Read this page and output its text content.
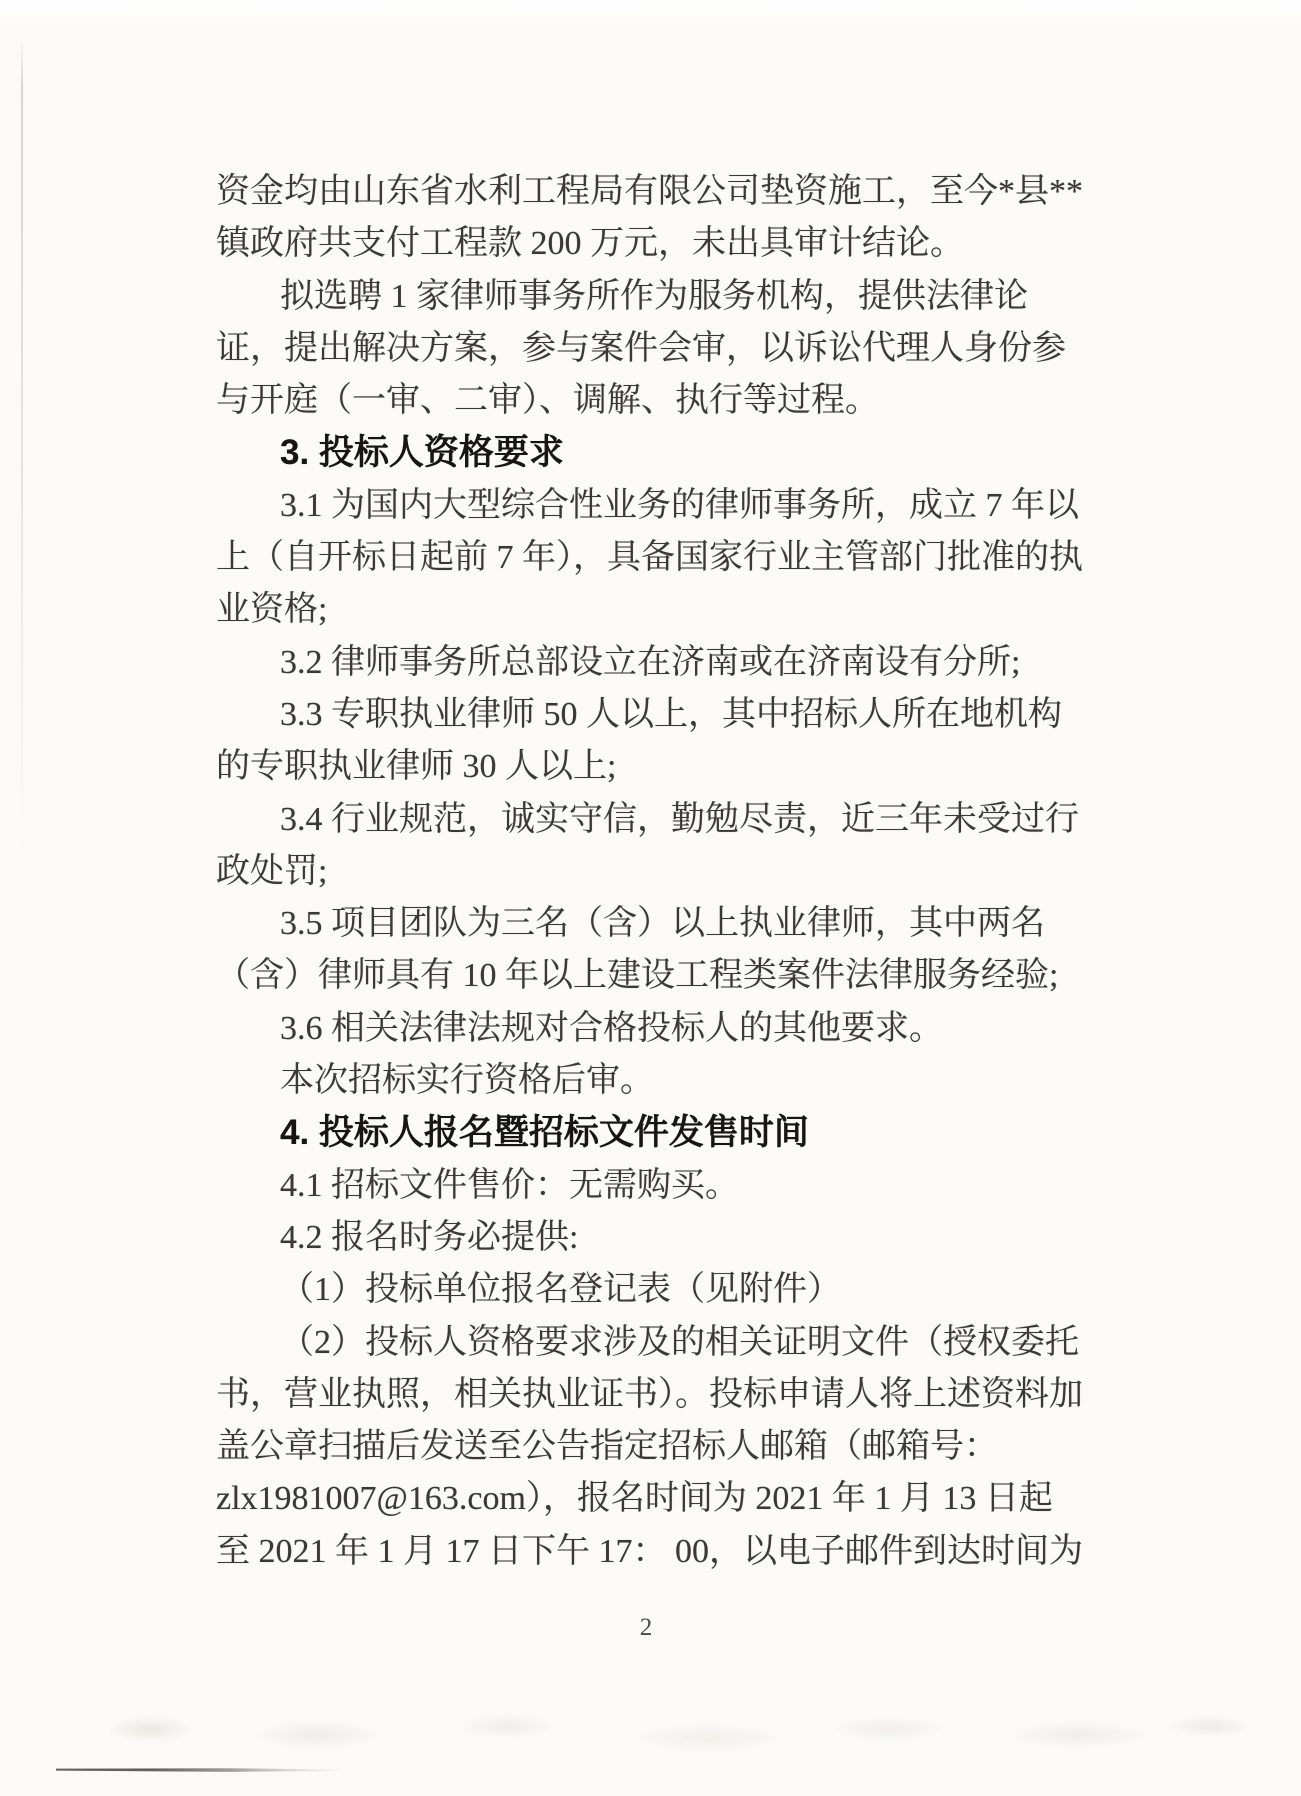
资金均由山东省水利工程局有限公司垫资施工，至今*县**
镇政府共支付工程款 200 万元，未出具审计结论。
拟选聘 1 家律师事务所作为服务机构，提供法律论
证，提出解决方案，参与案件会审，以诉讼代理人身份参
与开庭（一审、二审）、调解、执行等过程。
3. 投标人资格要求
3.1 为国内大型综合性业务的律师事务所，成立 7 年以
上（自开标日起前 7 年），具备国家行业主管部门批准的执
业资格;
3.2 律师事务所总部设立在济南或在济南设有分所;
3.3 专职执业律师 50 人以上，其中招标人所在地机构
的专职执业律师 30 人以上;
3.4 行业规范，诚实守信，勤勉尽责，近三年未受过行
政处罚;
3.5 项目团队为三名（含）以上执业律师，其中两名
（含）律师具有 10 年以上建设工程类案件法律服务经验;
3.6 相关法律法规对合格投标人的其他要求。
本次招标实行资格后审。
4. 投标人报名暨招标文件发售时间
4.1 招标文件售价：无需购买。
4.2 报名时务必提供:
（1）投标单位报名登记表（见附件）
（2）投标人资格要求涉及的相关证明文件（授权委托
书，营业执照，相关执业证书）。投标申请人将上述资料加
盖公章扫描后发送至公告指定招标人邮箱（邮箱号：
zlx1981007@163.com），报名时间为 2021 年 1 月 13 日起
至 2021 年 1 月 17 日下午 17： 00，以电子邮件到达时间为
2
